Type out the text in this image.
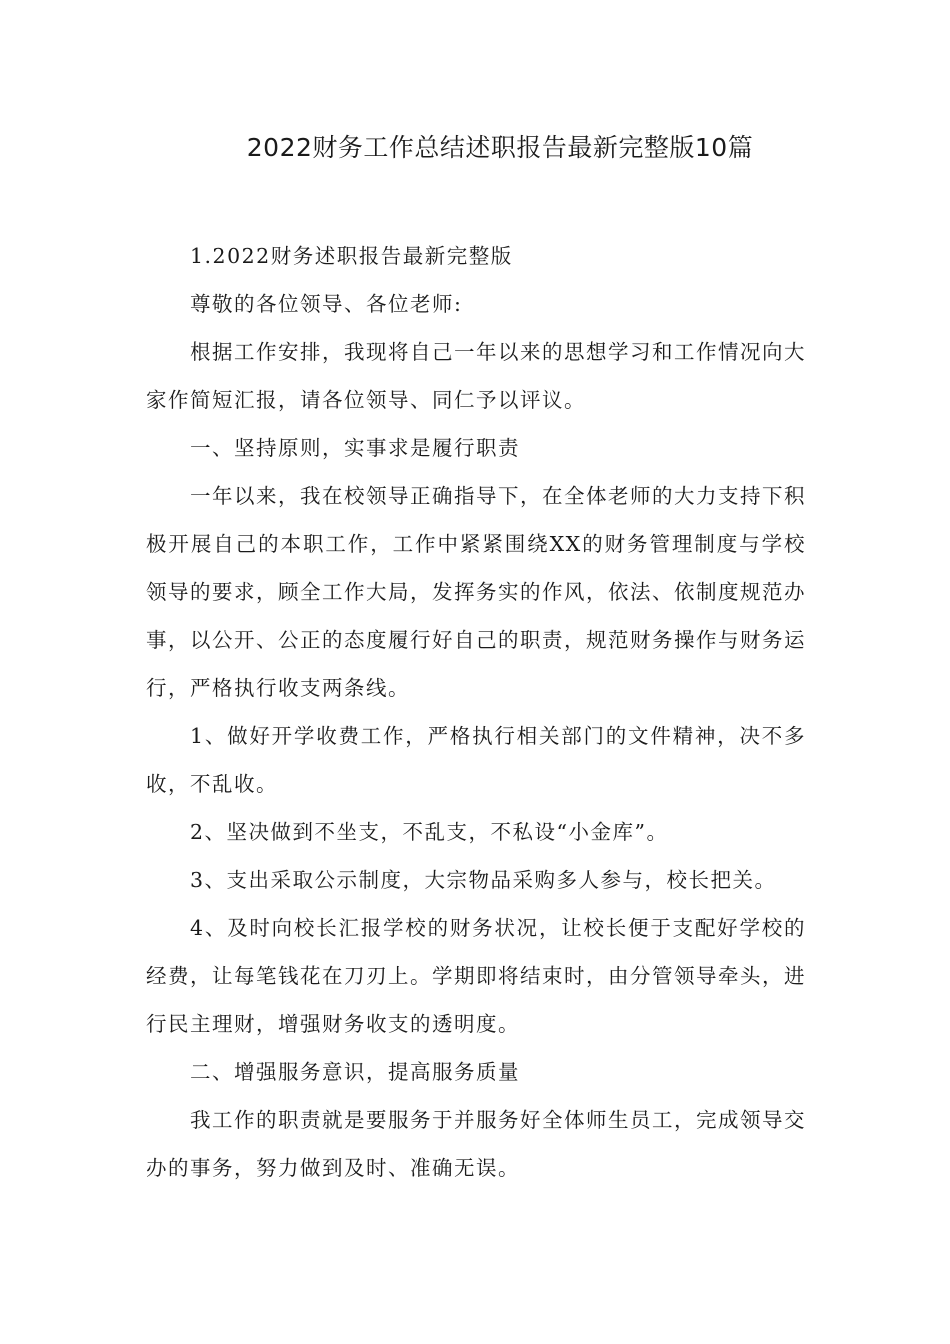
2022财务工作总结述职报告最新完整版10篇

1.2022财务述职报告最新完整版

尊敬的各位领导、各位老师:

根据工作安排，我现将自己一年以来的思想学习和工作情况向大家作简短汇报，请各位领导、同仁予以评议。

一、坚持原则，实事求是履行职责

一年以来，我在校领导正确指导下，在全体老师的大力支持下积极开展自己的本职工作，工作中紧紧围绕XX的财务管理制度与学校领导的要求，顾全工作大局，发挥务实的作风，依法、依制度规范办事，以公开、公正的态度履行好自己的职责，规范财务操作与财务运行，严格执行收支两条线。

1、做好开学收费工作，严格执行相关部门的文件精神，决不多收，不乱收。

2、坚决做到不坐支，不乱支，不私设“小金库”。

3、支出采取公示制度，大宗物品采购多人参与，校长把关。

4、及时向校长汇报学校的财务状况，让校长便于支配好学校的经费，让每笔钱花在刀刃上。学期即将结束时，由分管领导牵头，进行民主理财，增强财务收支的透明度。

二、增强服务意识，提高服务质量

我工作的职责就是要服务于并服务好全体师生员工，完成领导交办的事务，努力做到及时、准确无误。
